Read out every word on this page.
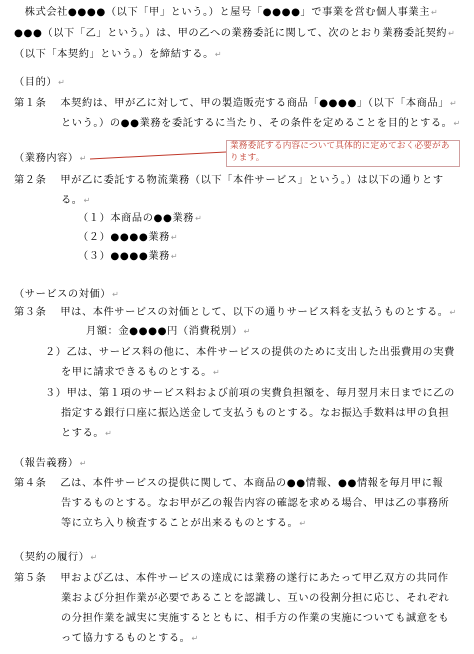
　株式会社●●●●（以下「甲」という。）と屋号「●●●●」で事業を営む個人事業主↵
●●●（以下「乙」という。）は、甲の乙への業務委託に関して、次のとおり業務委託契約↵
（以下「本契約」という。）を締結する。↵
（目的）↵
第１条 本契約は、甲が乙に対して、甲の製造販売する商品「●●●●」（以下「本商品」↵
という。）の●●業務を委託するに当たり、その条件を定めることを目的とする。↵
業務委託する内容について具体的に定めておく必要があります。
（業務内容）↵
第２条 甲が乙に委託する物流業務（以下「本件サービス」という。）は以下の通りとす
る。↵
（１）本商品の●●業務↵
（２）●●●●業務↵
（３）●●●●業務↵
（サービスの対価）↵
第３条 甲は、本件サービスの対価として、以下の通りサービス料を支払うものとする。↵
月額：金●●●●円（消費税別）↵
２）乙は、サービス料の他に、本件サービスの提供のために支出した出張費用の実費
を甲に請求できるものとする。↵
３）甲は、第１項のサービス料および前項の実費負担額を、毎月翌月末日までに乙の
指定する銀行口座に振込送金して支払うものとする。なお振込手数料は甲の負担
とする。↵
（報告義務）↵
第４条 乙は、本件サービスの提供に関して、本商品の●●情報、●●情報を毎月甲に報
告するものとする。なお甲が乙の報告内容の確認を求める場合、甲は乙の事務所
等に立ち入り検査することが出来るものとする。↵
（契約の履行）↵
第５条 甲および乙は、本件サービスの達成には業務の遂行にあたって甲乙双方の共同作
業および分担作業が必要であることを認識し、互いの役割分担に応じ、それぞれ
の分担作業を誠実に実施するとともに、相手方の作業の実施についても誠意をも
って協力するものとする。↵
